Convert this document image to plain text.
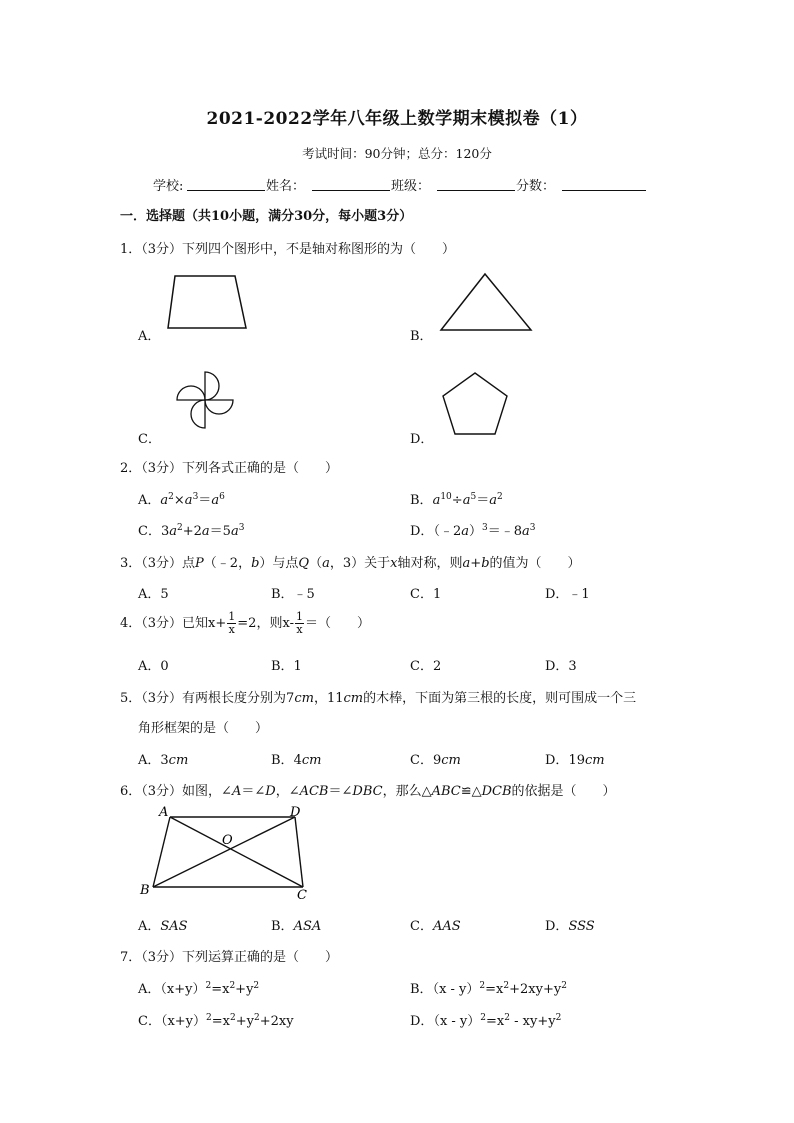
2021-2022学年八年级上数学期末模拟卷（1）
考试时间：90分钟；总分：120分
学校:	姓名：	班级：	分数：
一．选择题（共10小题，满分30分，每小题3分）
1．（3分）下列四个图形中，不是轴对称图形的为（　　）
A．	B．
C．	D．
2．（3分）下列各式正确的是（　　）
A．$a^2\times a^3=a^6$	B．$a^{10}\div a^5=a^2$
C．$3a^2+2a=5a^3$	D．$(﹣2a)^3=﹣8a^3$
3．（3分）点P（﹣2，b）与点Q（a，3）关于x轴对称，则a+b的值为（　　）
A．5	B．﹣5	C．1	D．﹣1
4．（3分）已知$x+ \frac{1}{x} =2$，则$x- \frac{1}{x}$ ＝（　　）
A．0	B．1	C．2	D．3
5．（3分）有两根长度分别为7cm，11cm的木棒，下面为第三根的长度，则可围成一个三
角形框架的是（　　）
A．3cm	B．4cm	C．9cm	D．19cm
6．（3分）如图，∠A＝∠D，∠ACB＝∠DBC，那么△ABC≌△DCB的依据是（　　）
A	D
O
B	C
A．SAS	B．ASA	C．AAS	D．SSS
7．（3分）下列运算正确的是（　　）
A．$(x+y)^2=x^2+y^2$	B．$(x - y)^2=x^2+2xy+y^2$
C．$(x+y)^2=x^2+y^2+2xy$	D．$(x - y)^2=x^2 - xy+y^2$
